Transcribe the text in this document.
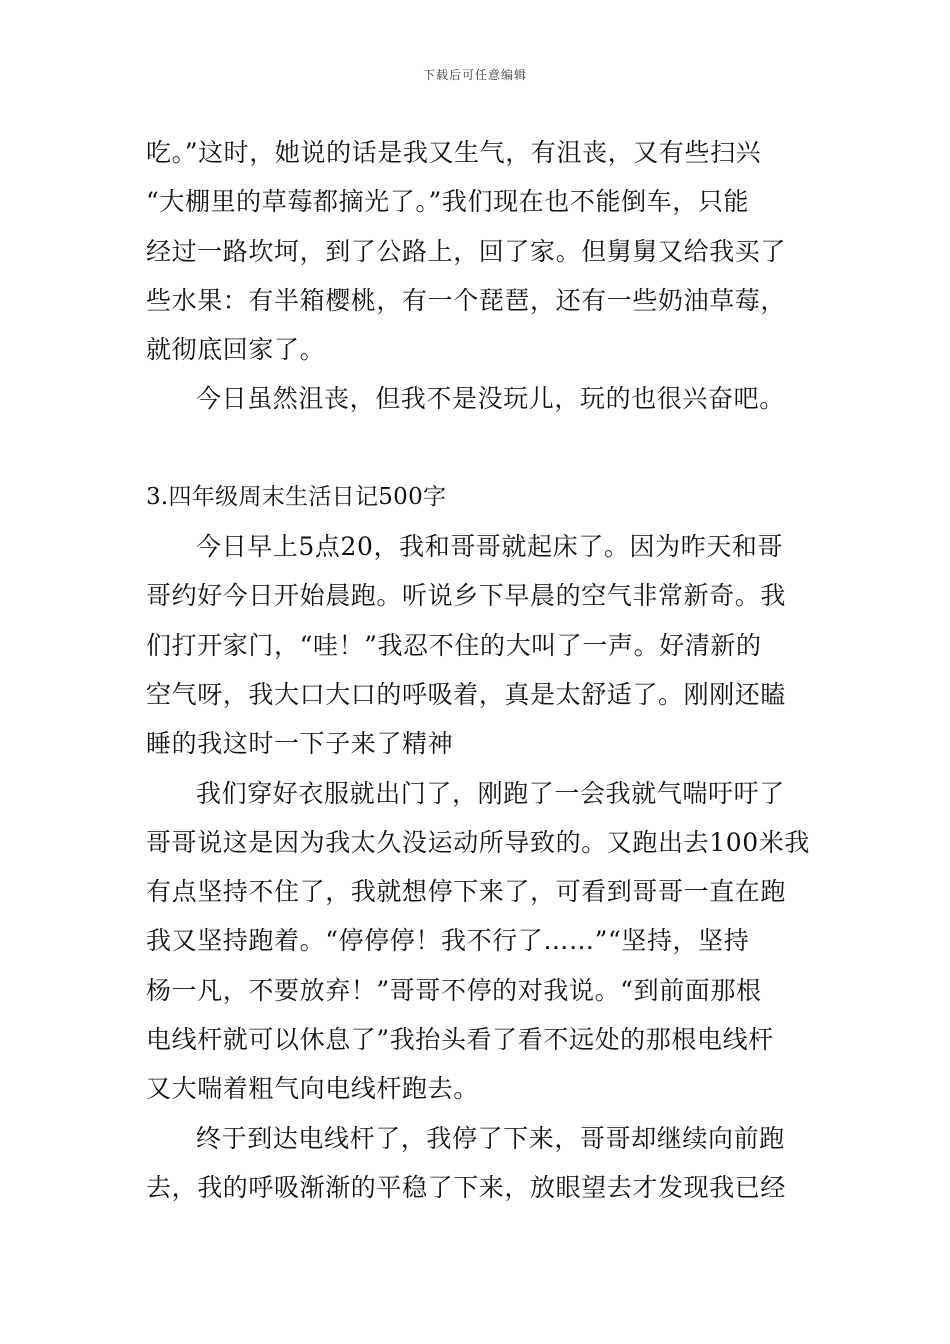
下载后可任意编辑
吃。”这时，她说的话是我又生气，有沮丧，又有些扫兴
“大棚里的草莓都摘光了。”我们现在也不能倒车，只能
经过一路坎坷，到了公路上，回了家。但舅舅又给我买了
些水果：有半箱樱桃，有一个琵琶，还有一些奶油草莓，
就彻底回家了。
今日虽然沮丧，但我不是没玩儿，玩的也很兴奋吧。
3.四年级周末生活日记500字
今日早上5点20，我和哥哥就起床了。因为昨天和哥
哥约好今日开始晨跑。听说乡下早晨的空气非常新奇。我
们打开家门，“哇！”我忍不住的大叫了一声。好清新的
空气呀，我大口大口的呼吸着，真是太舒适了。刚刚还瞌
睡的我这时一下子来了精神
我们穿好衣服就出门了，刚跑了一会我就气喘吁吁了
哥哥说这是因为我太久没运动所导致的。又跑出去100米我
有点坚持不住了，我就想停下来了，可看到哥哥一直在跑
我又坚持跑着。“停停停！我不行了……”“坚持，坚持
杨一凡，不要放弃！”哥哥不停的对我说。“到前面那根
电线杆就可以休息了”我抬头看了看不远处的那根电线杆
又大喘着粗气向电线杆跑去。
终于到达电线杆了，我停了下来，哥哥却继续向前跑
去，我的呼吸渐渐的平稳了下来，放眼望去才发现我已经
